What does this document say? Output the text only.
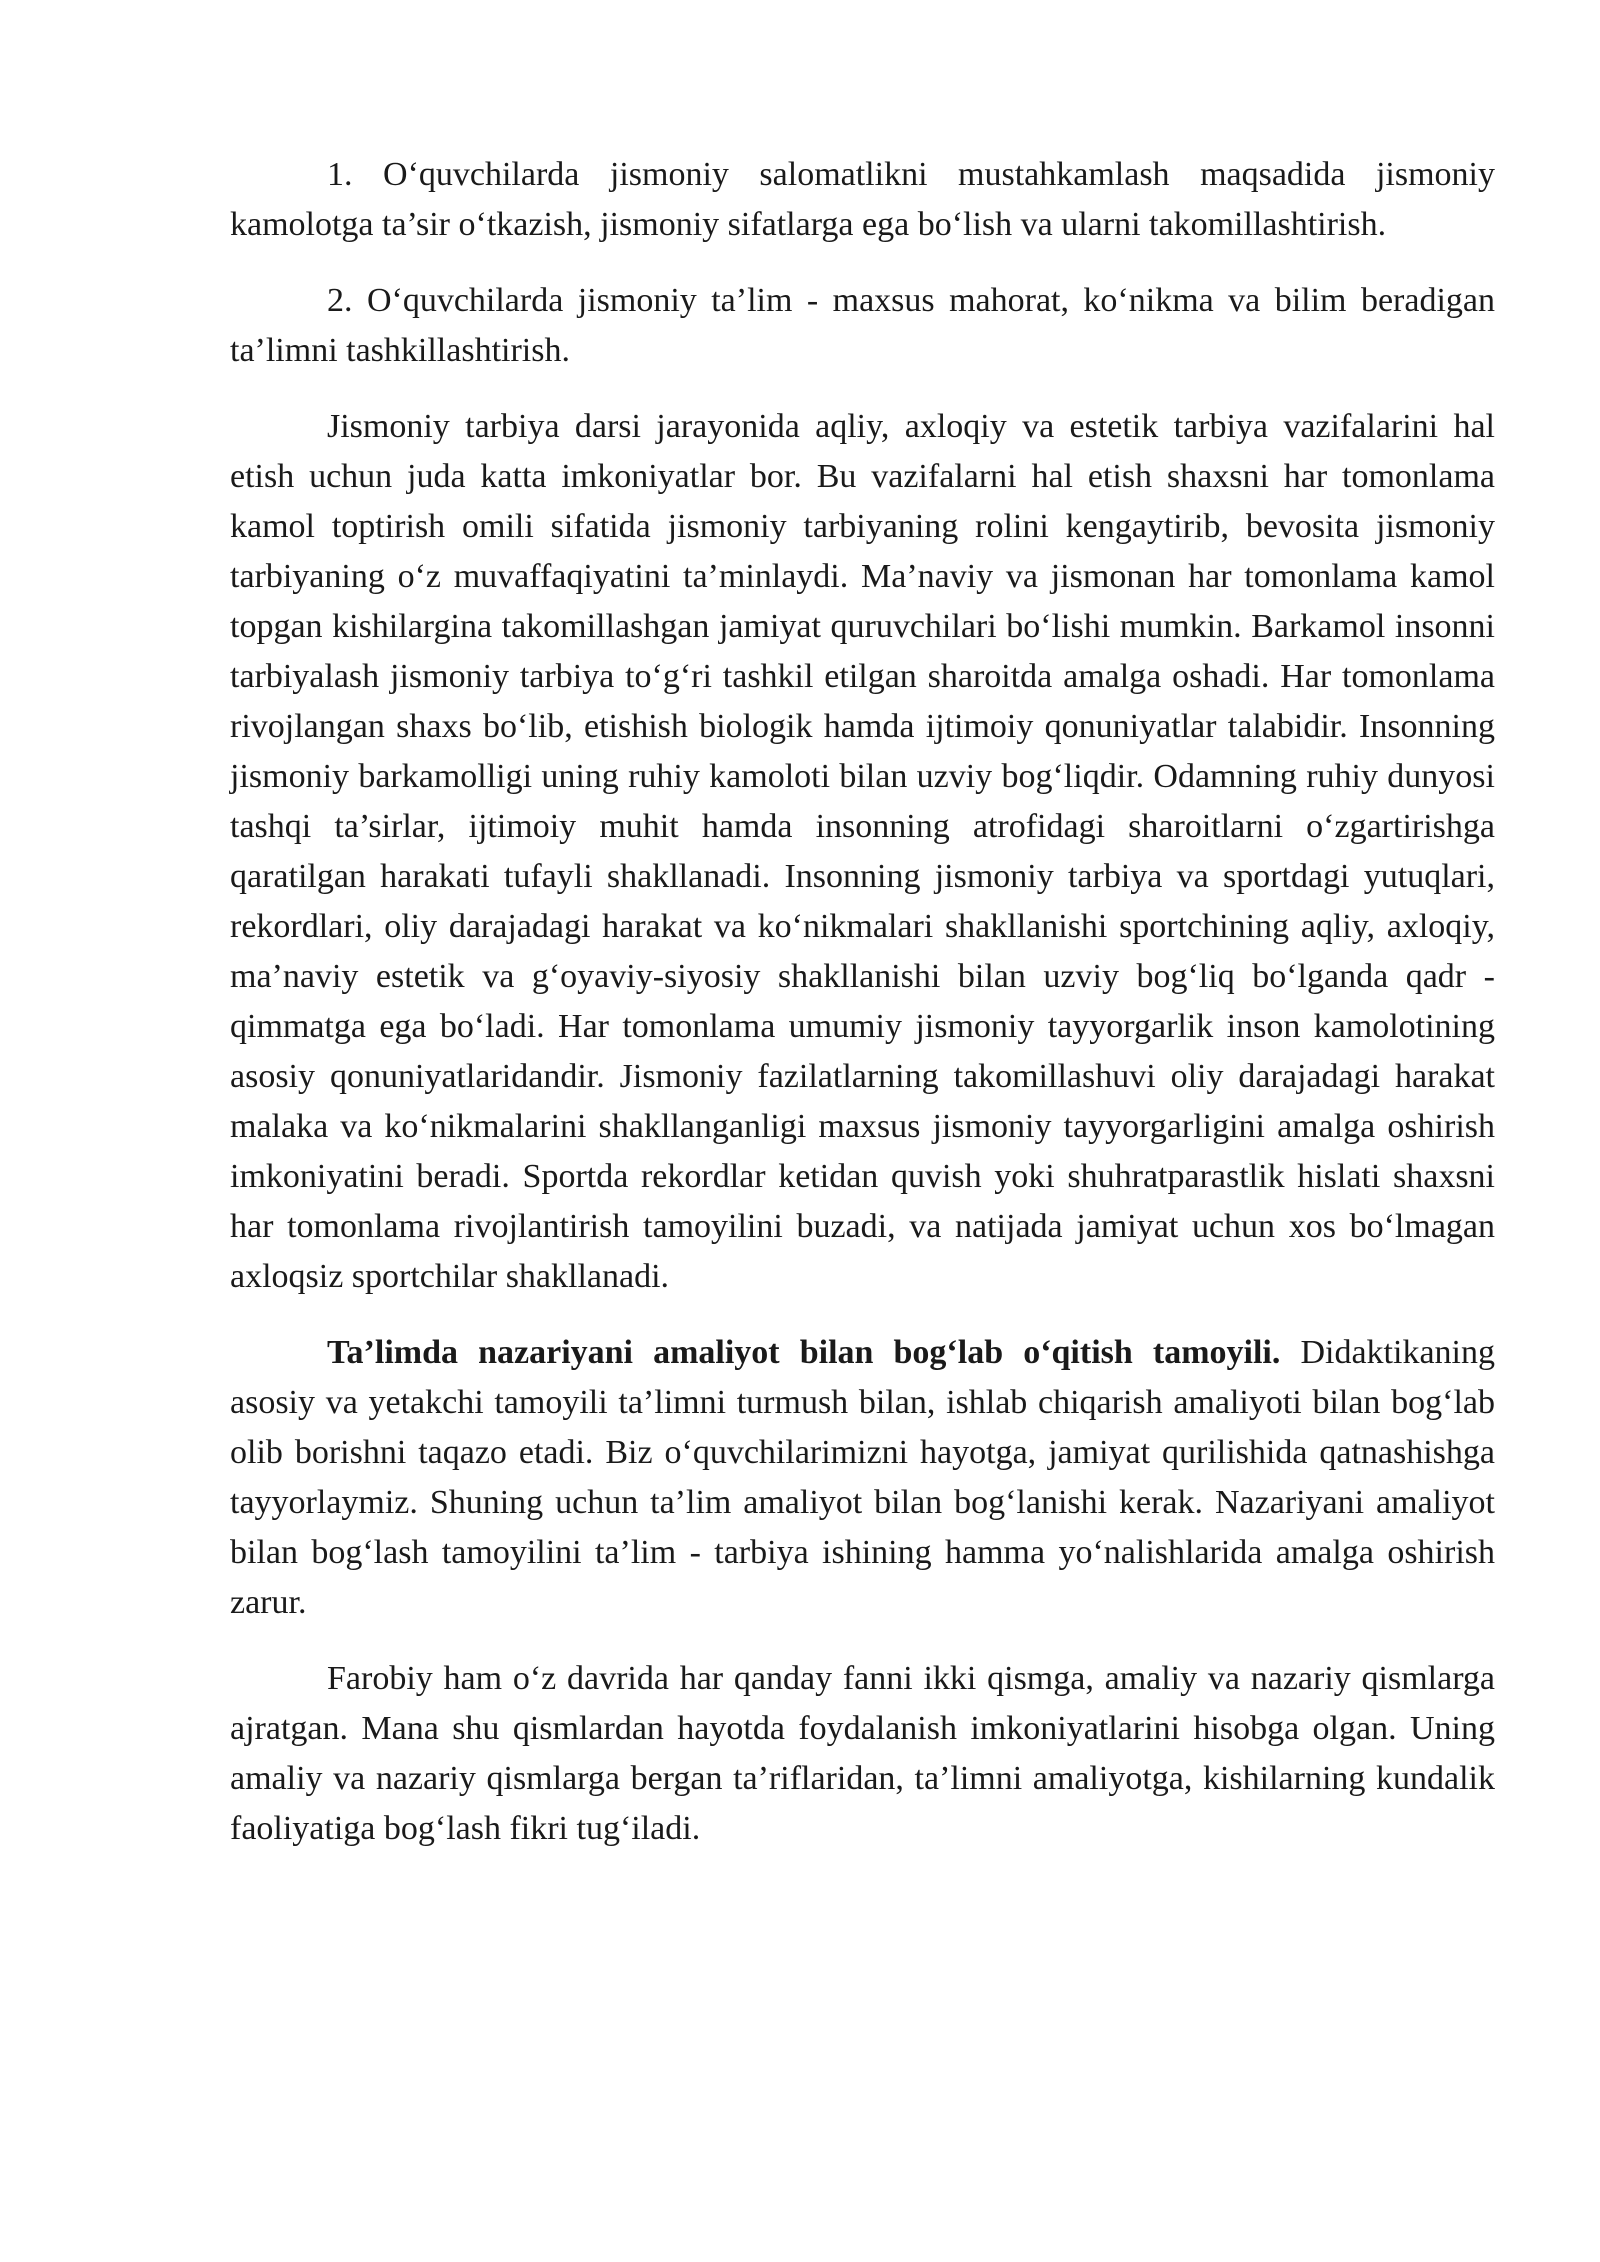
1. O‘quvchilarda jismoniy salomatlikni mustahkamlash maqsadida jismoniy kamolotga ta’sir o‘tkazish, jismoniy sifatlarga ega bo‘lish va ularni takomillashtirish.

2. O‘quvchilarda jismoniy ta’lim - maxsus mahorat, ko‘nikma va bilim beradigan ta’limni tashkillashtirish.

Jismoniy tarbiya darsi jarayonida aqliy, axloqiy va estetik tarbiya vazifalarini hal etish uchun juda katta imkoniyatlar bor. Bu vazifalarni hal etish shaxsni har tomonlama kamol toptirish omili sifatida jismoniy tarbiyaning rolini kengaytirib, bevosita jismoniy tarbiyaning o‘z muvaffaqiyatini ta’minlaydi. Ma’naviy va jismonan har tomonlama kamol topgan kishilargina takomillashgan jamiyat quruvchilari bo‘lishi mumkin. Barkamol insonni tarbiyalash jismoniy tarbiya to‘g‘ri tashkil etilgan sharoitda amalga oshadi. Har tomonlama rivojlangan shaxs bo‘lib, etishish biologik hamda ijtimoiy qonuniyatlar talabidir. Insonning jismoniy barkamolligi uning ruhiy kamoloti bilan uzviy bog‘liqdir. Odamning ruhiy dunyosi tashqi ta’sirlar, ijtimoiy muhit hamda insonning atrofidagi sharoitlarni o‘zgartirishga qaratilgan harakati tufayli shakllanadi. Insonning jismoniy tarbiya va sportdagi yutuqlari, rekordlari, oliy darajadagi harakat va ko‘nikmalari shakllanishi sportchining aqliy, axloqiy, ma’naviy estetik va g‘oyaviy-siyosiy shakllanishi bilan uzviy bog‘liq bo‘lganda qadr - qimmatga ega bo‘ladi. Har tomonlama umumiy jismoniy tayyorgarlik inson kamolotining asosiy qonuniyatlaridandir. Jismoniy fazilatlarning takomillashuvi oliy darajadagi harakat malaka va ko‘nikmalarini shakllanganligi maxsus jismoniy tayyorgarligini amalga oshirish imkoniyatini beradi. Sportda rekordlar ketidan quvish yoki shuhratparastlik hislati shaxsni har tomonlama rivojlantirish tamoyilini buzadi, va natijada jamiyat uchun xos bo‘lmagan axloqsiz sportchilar shakllanadi.

Ta’limda nazariyani amaliyot bilan bog‘lab o‘qitish tamoyili. Didaktikaning asosiy va yetakchi tamoyili ta’limni turmush bilan, ishlab chiqarish amaliyoti bilan bog‘lab olib borishni taqazo etadi. Biz o‘quvchilarimizni hayotga, jamiyat qurilishida qatnashishga tayyorlaymiz. Shuning uchun ta’lim amaliyot bilan bog‘lanishi kerak. Nazariyani amaliyot bilan bog‘lash tamoyilini ta’lim - tarbiya ishining hamma yo‘nalishlarida amalga oshirish zarur.

Farobiy ham o‘z davrida har qanday fanni ikki qismga, amaliy va nazariy qismlarga ajratgan. Mana shu qismlardan hayotda foydalanish imkoniyatlarini hisobga olgan. Uning amaliy va nazariy qismlarga bergan ta’riflaridan, ta’limni amaliyotga, kishilarning kundalik faoliyatiga bog‘lash fikri tug‘iladi.
